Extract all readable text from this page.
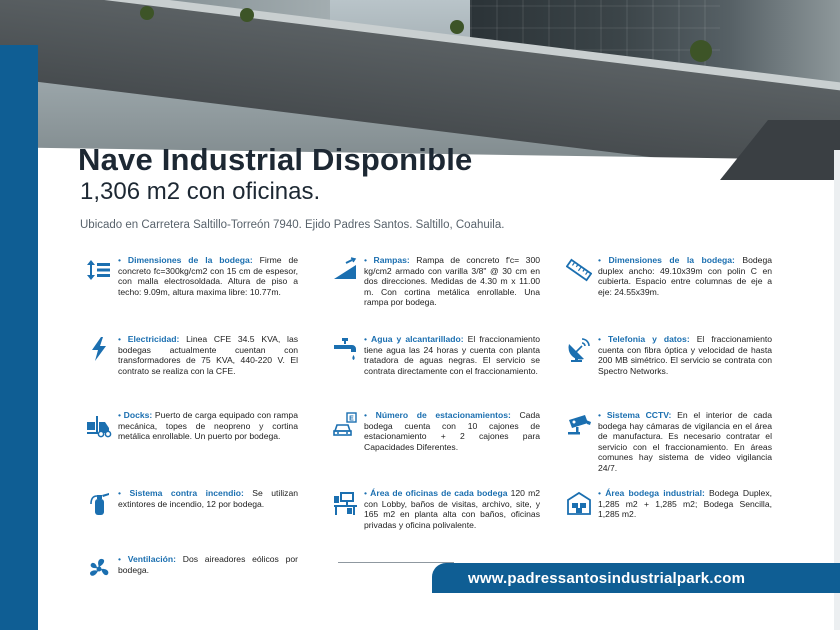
Nave Industrial Disponible
1,306 m2 con oficinas.
Ubicado en Carretera Saltillo-Torreón 7940. Ejido Padres Santos. Saltillo, Coahuila.
• Dimensiones de la bodega: Firme de concreto fc=300kg/cm2 con 15 cm de espesor, con malla electrosoldada. Altura de piso a techo: 9.09m, altura maxima libre: 10.77m.
• Rampas: Rampa de concreto f'c= 300 kg/cm2 armado con varilla 3/8" @ 30 cm en dos direcciones. Medidas de 4.30 m x 11.00 m. Con cortina metálica enrollable. Una rampa por bodega.
• Dimensiones de la bodega: Bodega duplex ancho: 49.10x39m con polin C en cubierta. Espacio entre columnas de eje a eje: 24.55x39m.
• Electricidad: Linea CFE 34.5 KVA, las bodegas actualmente cuentan con transformadores de 75 KVA, 440-220 V. El contrato se realiza con la CFE.
• Agua y alcantarillado: El fraccionamiento tiene agua las 24 horas y cuenta con planta tratadora de aguas negras. El servicio se contrata directamente con el fraccionamiento.
• Telefonia y datos: El fraccionamiento cuenta con fibra óptica y velocidad de hasta 200 MB simétrico. El servicio se contrata con Spectro Networks.
• Docks: Puerto de carga equipado con rampa mecánica, topes de neopreno y cortina metálica enrollable. Un puerto por bodega.
E • Número de estacionamientos: Cada bodega cuenta con 10 cajones de estacionamiento + 2 cajones para Capacidades Diferentes.
• Sistema CCTV: En el interior de cada bodega hay cámaras de vigilancia en el área de manufactura. Es necesario contratar el servicio con el fraccionamiento. En áreas comunes hay sistema de video vigilancia 24/7.
• Sistema contra incendio: Se utilizan extintores de incendio, 12 por bodega.
• Área de oficinas de cada bodega 120 m2 con Lobby, baños de visitas, archivo, site, y 165 m2 en planta alta con baños, oficinas privadas y oficina polivalente.
• Área bodega industrial: Bodega Duplex, 1,285 m2 + 1,285 m2; Bodega Sencilla, 1,285 m2.
• Ventilación: Dos aireadores eólicos por bodega.	www.padressantosindustrialpark.com
